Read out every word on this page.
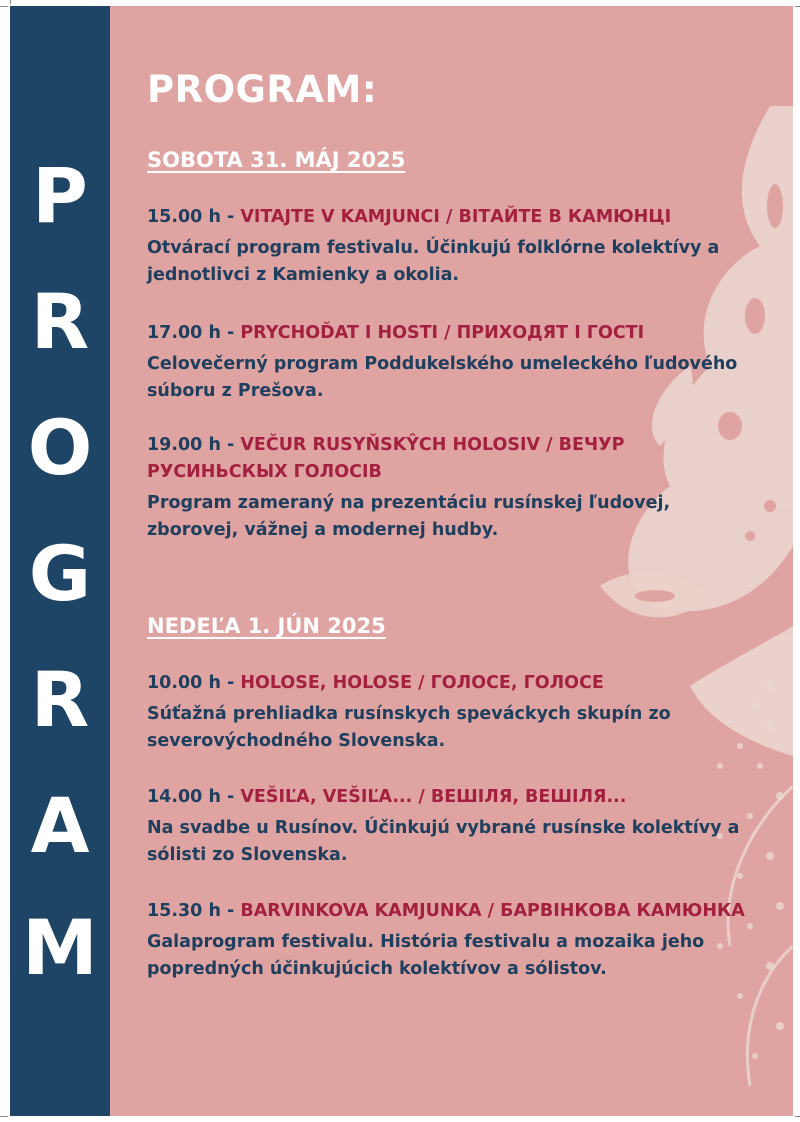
P
R
O
G
R
A
M
PROGRAM:
SOBOTA 31. MÁJ 2025
15.00 h - VITAJTE V KAMJUNCI / ВІТАЙТЕ В КАМЮНЦІ
Otvárací program festivalu. Účinkujú folklórne kolektívy a jednotlivci z Kamienky a okolia.
17.00 h - PRYCHOĎAT I HOSTI / ПРИХОДЯТ І ГОСТІ
Celovečerný program Poddukelského umeleckého ľudového súboru z Prešova.
19.00 h - VEČUR RUSYŇSKŶCH HOLOSIV / ВЕЧУР РУСИНЬСКЫХ ГОЛОСІВ
Program zameraný na prezentáciu rusínskej ľudovej, zborovej, vážnej a modernej hudby.
NEDEĽA 1. JÚN 2025
10.00 h - HOLOSE, HOLOSE / ГОЛОСЕ, ГОЛОСЕ
Súťažná prehliadka rusínskych speváckych skupín zo severovýchodného Slovenska.
14.00 h - VEŠIĽA, VEŠIĽA... / ВЕШІЛЯ, ВЕШІЛЯ...
Na svadbe u Rusínov. Účinkujú vybrané rusínske kolektívy a sólisti zo Slovenska.
15.30 h - BARVINKOVA KAMJUNKA / БАРВІНКОВА КАМЮНКА
Galaprogram festivalu. História festivalu a mozaika jeho popredných účinkujúcich kolektívov a sólistov.
